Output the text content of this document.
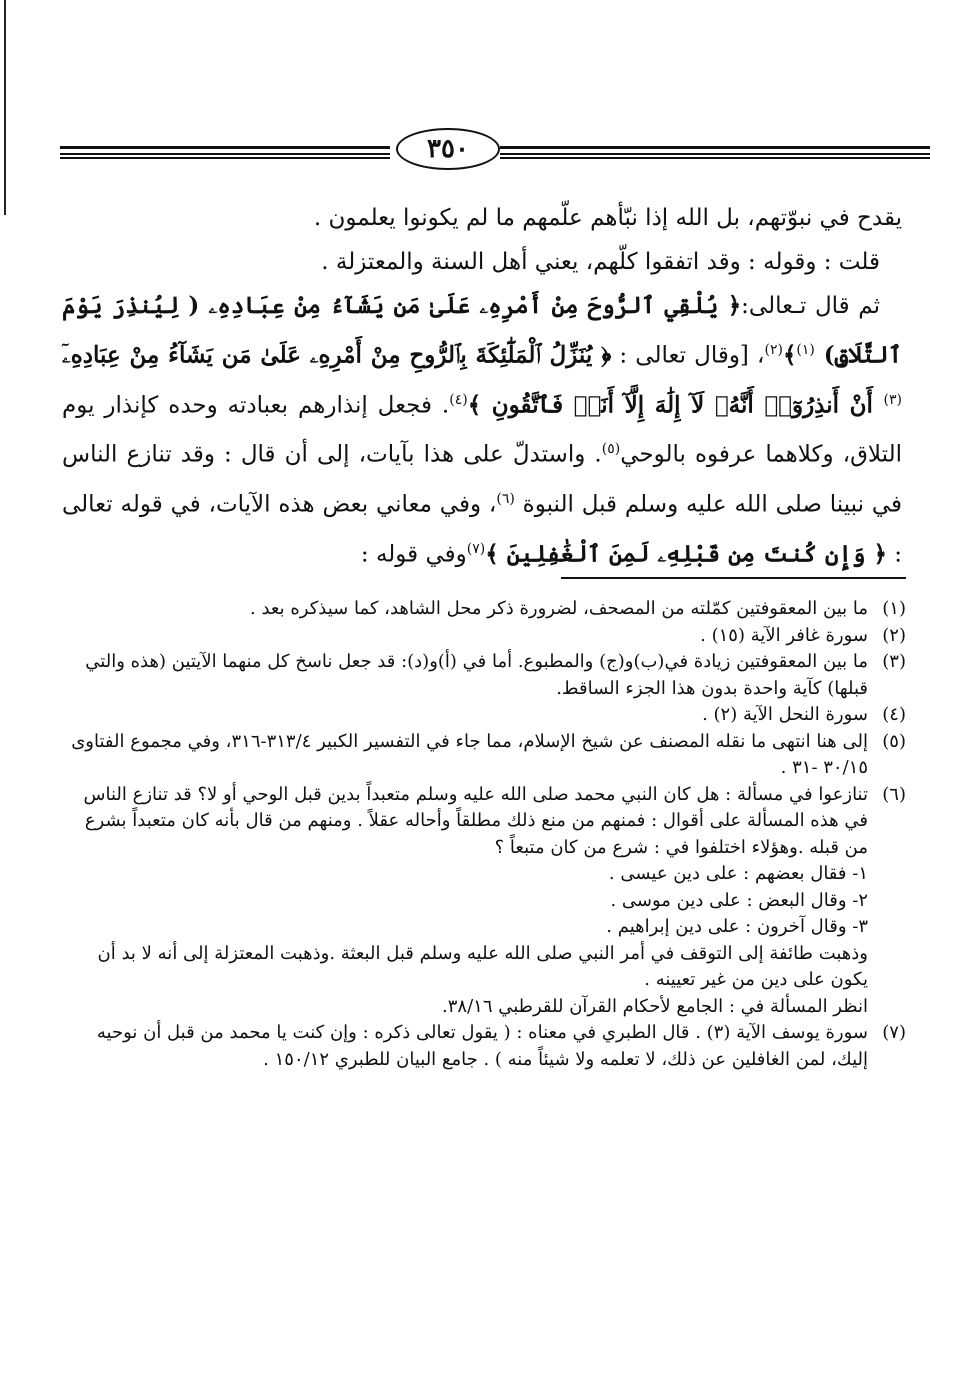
٣٥٠

يقدح في نبوّتهم، بل الله إذا نبّأهم علّمهم ما لم يكونوا يعلمون .

قلت : وقوله : وقد اتفقوا كلّهم، يعني أهل السنة والمعتزلة .

ثم قال تـعالى:﴿ يُلْقِي ٱلرُّوحَ مِنْ أَمْرِهِۦ عَلَىٰ مَن يَشَآءُ مِنْ عِبَادِهِۦ ( لِيُنذِرَ يَوْمَ ٱلتَّلَاقِ) $^{(١)}$﴾$^{(٢)}$، [وقال تعالى : ﴿ يُنَزِّلُ ٱلْمَلَٰٓئِكَةَ بِٱلرُّوحِ مِنْ أَمْرِهِۦ عَلَىٰ مَن يَشَآءُ مِنْ عِبَادِهِۦٓ $^{(٣)}$ أَنْ أَنذِرُوٓا۟ أَنَّهُۥ لَآ إِلَٰهَ إِلَّآ أَنَا۠ فَٱتَّقُونِ ﴾$^{(٤)}$. فجعل إنذارهم بعبادته وحده كإنذار يوم التلاق، وكلاهما عرفوه بالوحي$^{(٥)}$. واستدلّ على هذا بآيات، إلى أن قال : وقد تنازع الناس في نبينا صلى الله عليه وسلم قبل النبوة $^{(٦)}$، وفي معاني بعض هذه الآيات، في قوله تعالى : ﴿ وَإِن كُنتَ مِن قَبْلِهِۦ لَمِنَ ٱلْغَٰفِلِينَ ﴾$^{(٧)}$وفي قوله :

(١)
ما بين المعقوفتين كمّلته من المصحف، لضرورة ذكر محل الشاهد، كما سيذكره بعد .
(٢)
سورة غافر الآية (١٥) .
(٣)
ما بين المعقوفتين زيادة في(ب)و(ج) والمطبوع. أما في (أ)و(د): قد جعل ناسخ كل منهما الآيتين (هذه والتي قبلها) كآية واحدة بدون هذا الجزء الساقط.
(٤)
سورة النحل الآية (٢) .
(٥)
إلى هنا انتهى ما نقله المصنف عن شيخ الإسلام، مما جاء في التفسير الكبير ٣١٣/٤-٣١٦، وفي مجموع الفتاوى ٣٠/١٥ -٣١ .
(٦)
تنازعوا في مسألة : هل كان النبي محمد صلى الله عليه وسلم متعبداً بدين قبل الوحي أو لا؟ قد تنازع الناس في هذه المسألة على أقوال : فمنهم من منع ذلك مطلقاً وأحاله عقلاً . ومنهم من قال بأنه كان متعبداً بشرع من قبله .وهؤلاء اختلفوا في : شرع من كان متبعاً ؟
١- فقال بعضهم : على دين عيسى .
٢- وقال البعض : على دين موسى .
٣- وقال آخرون : على دين إبراهيم .
وذهبت طائفة إلى التوقف في أمر النبي صلى الله عليه وسلم قبل البعثة .وذهبت المعتزلة إلى أنه لا بد أن يكون على دين من غير تعيينه .
انظر المسألة في : الجامع لأحكام القرآن للقرطبي ٣٨/١٦.
(٧)
سورة يوسف الآية (٣) . قال الطبري في معناه : ( يقول تعالى ذكره : وإن كنت يا محمد من قبل أن نوحيه إليك، لمن الغافلين عن ذلك، لا تعلمه ولا شيئاً منه ) . جامع البيان للطبري ١٥٠/١٢ .
